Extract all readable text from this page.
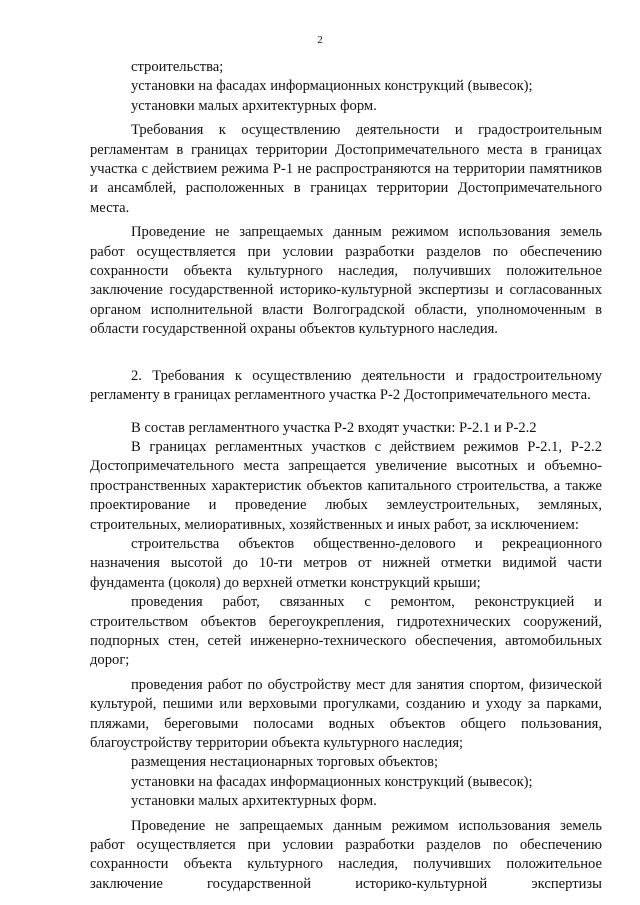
2

строительства;

установки на фасадах информационных конструкций (вывесок);

установки малых архитектурных форм.

Требования к осуществлению деятельности и градостроительным регламентам в границах территории Достопримечательного места в границах участка с действием режима Р-1 не распространяются на территории памятников и ансамблей, расположенных в границах территории Достопримечательного места.

Проведение не запрещаемых данным режимом использования земель работ осуществляется при условии разработки разделов по обеспечению сохранности объекта культурного наследия, получивших положительное заключение государственной историко-культурной экспертизы и согласованных органом исполнительной власти Волгоградской области, уполномоченным в области государственной охраны объектов культурного наследия.

2. Требования к осуществлению деятельности и градостроительному регламенту в границах регламентного участка Р-2 Достопримечательного места.

В состав регламентного участка Р-2 входят участки: Р-2.1 и Р-2.2

В границах регламентных участков с действием режимов Р-2.1, Р-2.2 Достопримечательного места запрещается увеличение высотных и объемно-пространственных характеристик объектов капитального строительства, а также проектирование и проведение любых землеустроительных, земляных, строительных, мелиоративных, хозяйственных и иных работ, за исключением:

строительства объектов общественно-делового и рекреационного назначения высотой до 10-ти метров от нижней отметки видимой части фундамента (цоколя) до верхней отметки конструкций крыши;

проведения работ, связанных с ремонтом, реконструкцией и строительством объектов берегоукрепления, гидротехнических сооружений, подпорных стен, сетей инженерно-технического обеспечения, автомобильных дорог;

проведения работ по обустройству мест для занятия спортом, физической культурой, пешими или верховыми прогулками, созданию и уходу за парками, пляжами, береговыми полосами водных объектов общего пользования, благоустройству территории объекта культурного наследия;

размещения нестационарных торговых объектов;

установки на фасадах информационных конструкций (вывесок);

установки малых архитектурных форм.

Проведение не запрещаемых данным режимом использования земель работ осуществляется при условии разработки разделов по обеспечению сохранности объекта культурного наследия, получивших положительное заключение государственной историко-культурной экспертизы
